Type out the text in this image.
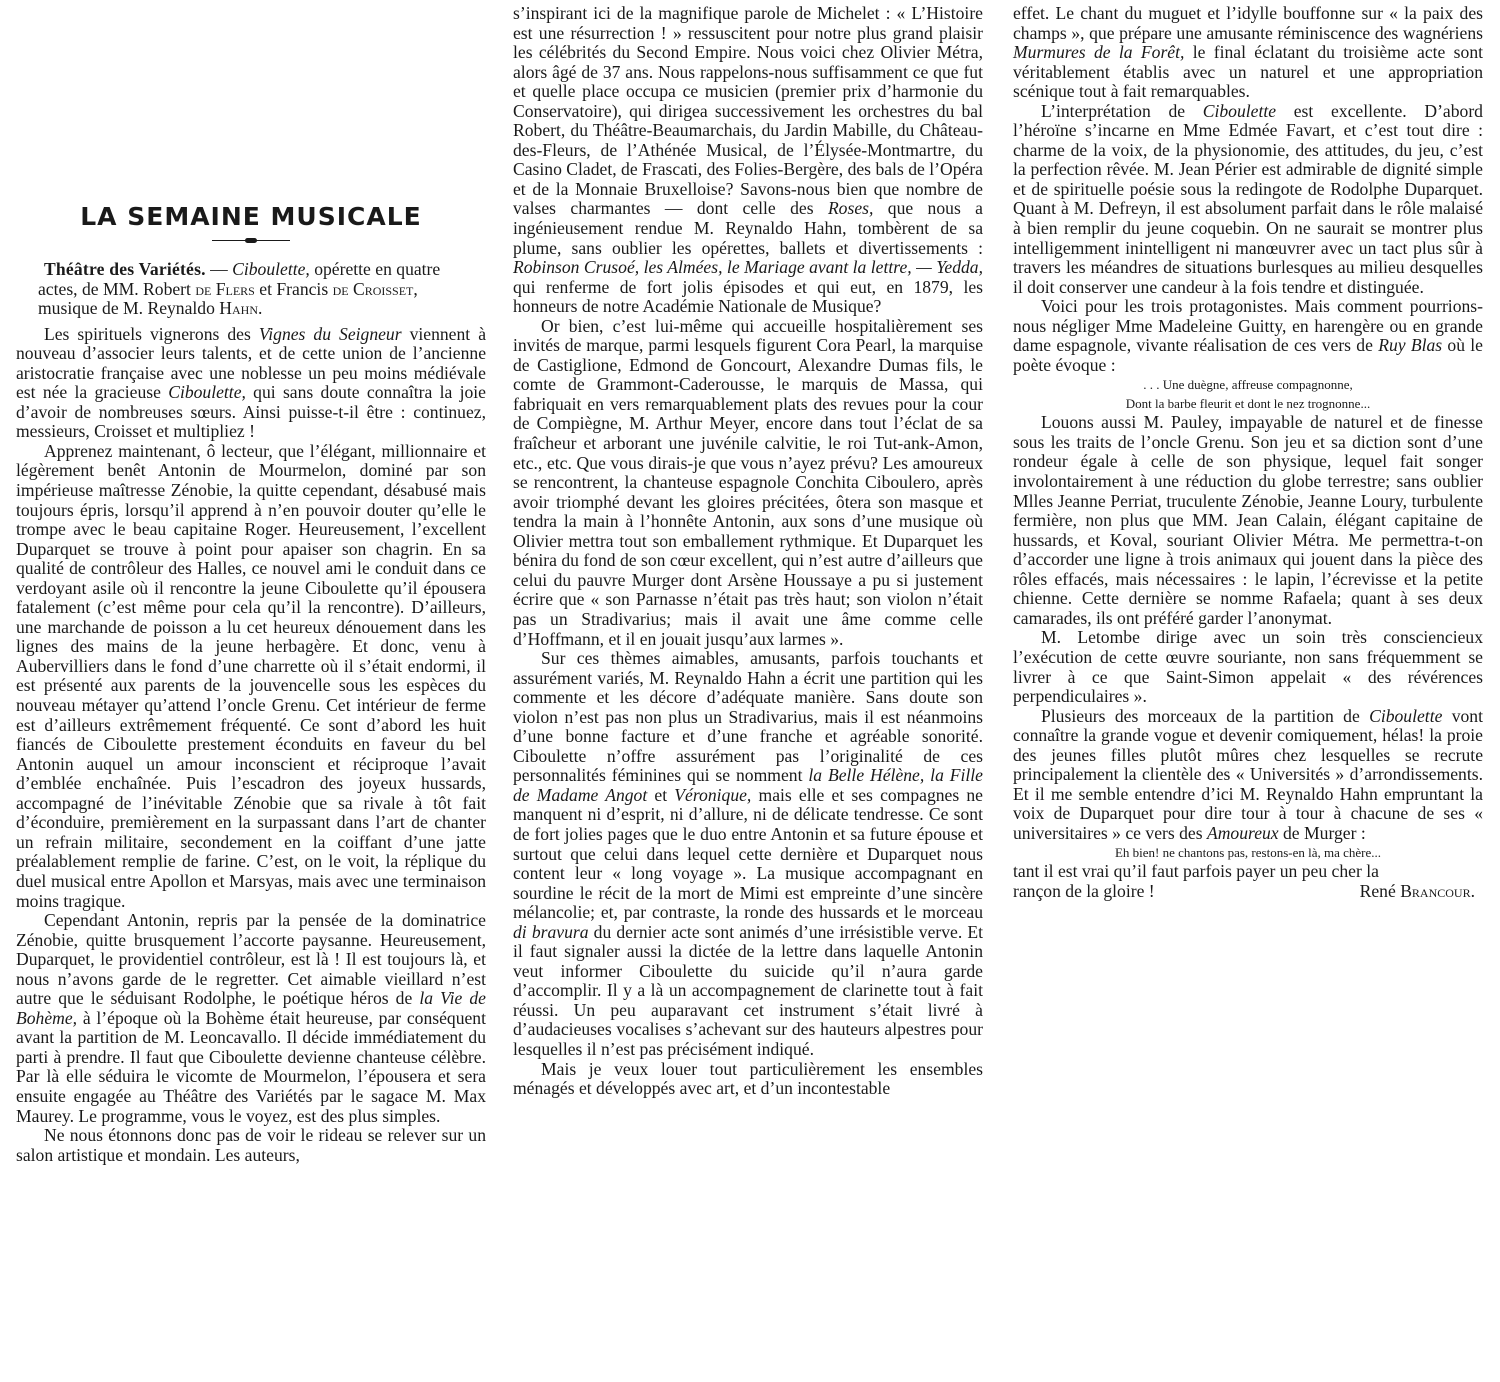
LA SEMAINE MUSICALE

Théâtre des Variétés. — Ciboulette, opérette en quatre

actes, de MM. Robert de Flers et Francis de Croisset,
musique de M. Reynaldo Hahn.

Les spirituels vignerons des Vignes du Seigneur viennent à nouveau d’associer leurs talents, et de cette union de l’ancienne aristocratie française avec une noblesse un peu moins médiévale est née la gracieuse Ciboulette, qui sans doute connaîtra la joie d’avoir de nombreuses sœurs. Ainsi puisse-t-il être : continuez, messieurs, Croisset et multipliez !

Apprenez maintenant, ô lecteur, que l’élégant, millionnaire et légèrement benêt Antonin de Mourmelon, dominé par son impérieuse maîtresse Zénobie, la quitte cependant, désabusé mais toujours épris, lorsqu’il apprend à n’en pouvoir douter qu’elle le trompe avec le beau capitaine Roger. Heureusement, l’excellent Duparquet se trouve à point pour apaiser son chagrin. En sa qualité de contrôleur des Halles, ce nouvel ami le conduit dans ce verdoyant asile où il rencontre la jeune Ciboulette qu’il épousera fatalement (c’est même pour cela qu’il la rencontre). D’ailleurs, une marchande de poisson a lu cet heureux dénouement dans les lignes des mains de la jeune herbagère. Et donc, venu à Aubervilliers dans le fond d’une charrette où il s’était endormi, il est présenté aux parents de la jouvencelle sous les espèces du nouveau métayer qu’attend l’oncle Grenu. Cet intérieur de ferme est d’ailleurs extrêmement fréquenté. Ce sont d’abord les huit fiancés de Ciboulette prestement éconduits en faveur du bel Antonin auquel un amour inconscient et réciproque l’avait d’emblée enchaînée. Puis l’escadron des joyeux hussards, accompagné de l’inévitable Zénobie que sa rivale à tôt fait d’éconduire, premièrement en la surpassant dans l’art de chanter un refrain militaire, secondement en la coiffant d’une jatte préalablement remplie de farine. C’est, on le voit, la réplique du duel musical entre Apollon et Marsyas, mais avec une terminaison moins tragique.

Cependant Antonin, repris par la pensée de la dominatrice Zénobie, quitte brusquement l’accorte paysanne. Heureusement, Duparquet, le providentiel contrôleur, est là ! Il est toujours là, et nous n’avons garde de le regretter. Cet aimable vieillard n’est autre que le séduisant Rodolphe, le poétique héros de la Vie de Bohème, à l’époque où la Bohème était heureuse, par conséquent avant la partition de M. Leoncavallo. Il décide immédiatement du parti à prendre. Il faut que Ciboulette devienne chanteuse célèbre. Par là elle séduira le vicomte de Mourmelon, l’épousera et sera ensuite engagée au Théâtre des Variétés par le sagace M. Max Maurey. Le programme, vous le voyez, est des plus simples.

Ne nous étonnons donc pas de voir le rideau se relever sur un salon artistique et mondain. Les auteurs,

s’inspirant ici de la magnifique parole de Michelet : « L’Histoire est une résurrection ! » ressuscitent pour notre plus grand plaisir les célébrités du Second Empire. Nous voici chez Olivier Métra, alors âgé de 37 ans. Nous rappelons-nous suffisamment ce que fut et quelle place occupa ce musicien (premier prix d’harmonie du Conservatoire), qui dirigea successivement les orchestres du bal Robert, du Théâtre-Beaumarchais, du Jardin Mabille, du Château-des-Fleurs, de l’Athénée Musical, de l’Élysée-Montmartre, du Casino Cladet, de Frascati, des Folies-Bergère, des bals de l’Opéra et de la Monnaie Bruxelloise? Savons-nous bien que nombre de valses charmantes — dont celle des Roses, que nous a ingénieusement rendue M. Reynaldo Hahn, tombèrent de sa plume, sans oublier les opérettes, ballets et divertissements : Robinson Crusoé, les Almées, le Mariage avant la lettre, — Yedda, qui renferme de fort jolis épisodes et qui eut, en 1879, les honneurs de notre Académie Nationale de Musique?

Or bien, c’est lui-même qui accueille hospitalièrement ses invités de marque, parmi lesquels figurent Cora Pearl, la marquise de Castiglione, Edmond de Goncourt, Alexandre Dumas fils, le comte de Grammont-Caderousse, le marquis de Massa, qui fabriquait en vers remarquablement plats des revues pour la cour de Compiègne, M. Arthur Meyer, encore dans tout l’éclat de sa fraîcheur et arborant une juvénile calvitie, le roi Tut-ank-Amon, etc., etc. Que vous dirais-je que vous n’ayez prévu? Les amoureux se rencontrent, la chanteuse espagnole Conchita Ciboulero, après avoir triomphé devant les gloires précitées, ôtera son masque et tendra la main à l’honnête Antonin, aux sons d’une musique où Olivier mettra tout son emballement rythmique. Et Duparquet les bénira du fond de son cœur excellent, qui n’est autre d’ailleurs que celui du pauvre Murger dont Arsène Houssaye a pu si justement écrire que « son Parnasse n’était pas très haut; son violon n’était pas un Stradivarius; mais il avait une âme comme celle d’Hoffmann, et il en jouait jusqu’aux larmes ».

Sur ces thèmes aimables, amusants, parfois touchants et assurément variés, M. Reynaldo Hahn a écrit une partition qui les commente et les décore d’adéquate manière. Sans doute son violon n’est pas non plus un Stradivarius, mais il est néanmoins d’une bonne facture et d’une franche et agréable sonorité. Ciboulette n’offre assurément pas l’originalité de ces personnalités féminines qui se nomment la Belle Hélène, la Fille de Madame Angot et Véronique, mais elle et ses compagnes ne manquent ni d’esprit, ni d’allure, ni de délicate tendresse. Ce sont de fort jolies pages que le duo entre Antonin et sa future épouse et surtout que celui dans lequel cette dernière et Duparquet nous content leur « long voyage ». La musique accompagnant en sourdine le récit de la mort de Mimi est empreinte d’une sincère mélancolie; et, par contraste, la ronde des hussards et le morceau di bravura du dernier acte sont animés d’une irrésistible verve. Et il faut signaler aussi la dictée de la lettre dans laquelle Antonin veut informer Ciboulette du suicide qu’il n’aura garde d’accomplir. Il y a là un accompagnement de clarinette tout à fait réussi. Un peu auparavant cet instrument s’était livré à d’audacieuses vocalises s’achevant sur des hauteurs alpestres pour lesquelles il n’est pas précisément indiqué.

Mais je veux louer tout particulièrement les ensembles ménagés et développés avec art, et d’un incontestable

effet. Le chant du muguet et l’idylle bouffonne sur « la paix des champs », que prépare une amusante réminiscence des wagnériens Murmures de la Forêt, le final éclatant du troisième acte sont véritablement établis avec un naturel et une appropriation scénique tout à fait remarquables.

L’interprétation de Ciboulette est excellente. D’abord l’héroïne s’incarne en Mme Edmée Favart, et c’est tout dire : charme de la voix, de la physionomie, des attitudes, du jeu, c’est la perfection rêvée. M. Jean Périer est admirable de dignité simple et de spirituelle poésie sous la redingote de Rodolphe Duparquet. Quant à M. Defreyn, il est absolument parfait dans le rôle malaisé à bien remplir du jeune coquebin. On ne saurait se montrer plus intelligemment inintelligent ni manœuvrer avec un tact plus sûr à travers les méandres de situations burlesques au milieu desquelles il doit conserver une candeur à la fois tendre et distinguée.

Voici pour les trois protagonistes. Mais comment pourrions-nous négliger Mme Madeleine Guitty, en harengère ou en grande dame espagnole, vivante réalisation de ces vers de Ruy Blas où le poète évoque :

. . . Une duègne, affreuse compagnonne,
Dont la barbe fleurit et dont le nez trognonne...

Louons aussi M. Pauley, impayable de naturel et de finesse sous les traits de l’oncle Grenu. Son jeu et sa diction sont d’une rondeur égale à celle de son physique, lequel fait songer involontairement à une réduction du globe terrestre; sans oublier Mlles Jeanne Perriat, truculente Zénobie, Jeanne Loury, turbulente fermière, non plus que MM. Jean Calain, élégant capitaine de hussards, et Koval, souriant Olivier Métra. Me permettra-t-on d’accorder une ligne à trois animaux qui jouent dans la pièce des rôles effacés, mais nécessaires : le lapin, l’écrevisse et la petite chienne. Cette dernière se nomme Rafaela; quant à ses deux camarades, ils ont préféré garder l’anonymat.

M. Letombe dirige avec un soin très consciencieux l’exécution de cette œuvre souriante, non sans fréquemment se livrer à ce que Saint-Simon appelait « des révérences perpendiculaires ».

Plusieurs des morceaux de la partition de Ciboulette vont connaître la grande vogue et devenir comiquement, hélas! la proie des jeunes filles plutôt mûres chez lesquelles se recrute principalement la clientèle des « Universités » d’arrondissements. Et il me semble entendre d’ici M. Reynaldo Hahn empruntant la voix de Duparquet pour dire tour à tour à chacune de ses « universitaires » ce vers des Amoureux de Murger :

Eh bien! ne chantons pas, restons-en là, ma chère...

tant il est vrai qu’il faut parfois payer un peu cher la

rançon de la gloire !	René Brancour.
